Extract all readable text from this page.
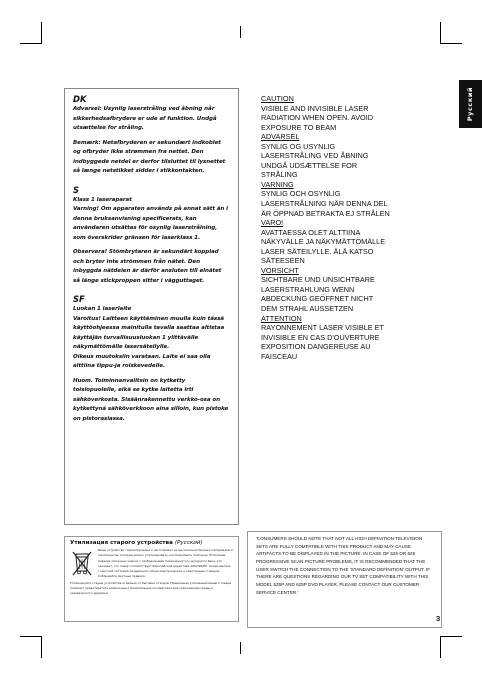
Русский
DK

Advarsel: Usynlig laserstråling ved åbning når sikkerhedsafbrydere er ude af funktion. Undgå utsættelse for stråling.

Bemærk: Netafbryderen er sekundært indkoblet og ofbryder ikke strømmen fra nettet. Den indbyggede netdel er derfor tilsluttet til lysnettet så længe netstikket sidder i stikkontakten.

S

Klass 1 laseraparat
Varning! Om apparaten används på annat sätt än i denna bruksanvisning specificerats, kan användaren utsättas för osynlig laserstrålning, som överskrider gränsen för laserklass 1.

Observera! Stömbrytaren är sekundärt kopplad och bryter inte strömmen från nätet. Den inbyggda nätdelen är därför ansluten till elnätet så länge stickproppen sitter i vägguttaget.

SF

Luokan 1 laserlaite
Varoitus! Laitteen käyttäminen muulla kuin tässä käyttöohjeessa mainitulla tavalla saattaa altistaa käyttäjän turvallisuusluokan 1 ylittävälle näkymättömälle lasersäteilylle.
Oikeus muutoksiin varataan. Laite ei saa olla alttiina tippu-ja roiskevedelle.

Huom. Toiminnanvalitsin on kytketty toisiopuolelle, eikä se kytke laitetta irti sähköverkosta. Sisäänrakennettu verkko-osa on kytkettynä sähköverkkoon aina silloin, kun pistoke on pistorasiassa.

CAUTION
VISIBLE AND INVISIBLE LASER
RADIATION WHEN OPEN. AVOID
EXPOSURE TO BEAM
ADVARSEL
SYNLIG OG USYNLIG
LASERSTRÅLING VED ÅBNING
UNDGÅ UDSÆTTELSE FOR
STRÅLING
VARNING
SYNLIG OCH OSYNLIG
LASERSTRÅLNING NÄR DENNA DEL
ÄR ÖPPNAD BETRAKTA EJ STRÅLEN
VARO!
AVATTAESSA OLET ALTTIINA
NÄKYVÄLLE JA NÄKYMÄTTÖMÄLLE
LASER SÄTEILYLLE. ÄLÄ KATSO
SÄTEESEEN
VORSICHT
SICHTBARE UND UNSICHTBARE
LASERSTRAHLUNG WENN
ABDECKUNG GEÖFFNET NICHT
DEM STRAHL AUSSETZEN
ATTENTION
RAYONNEMENT LASER VISIBLE ET
INVISIBLE EN CAS D'OUVERTURE
EXPOSITION DANGEREUSE AU
FAISCEAU
Утилизация старого устройства (Русский)

Ваше устройство спроектировано и изготовлено из высококачественных материалов и компонентов, которые можно утилизировать и использовать повторно. Если ваше изделие помечено знаком с изображением перечеркнутого мусорного бака, это означает, что товар соответствует Европейской директиве 2002/96/EC. Ознакомьтесь с местной системой раздельного сбора электрических и электронных товаров. Соблюдайте местные правила.

Утилизируйте старые устройства отдельно от бытовых отходов. Правильная утилизация вашего товара позволит предотвратить возможные отрицательные последствия для окружающей среды и человеческого здоровья.

'CONSUMERS SHOULD NOTE THAT NOT ALL HIGH DEFINITION TELEVISION SETS ARE FULLY COMPATIBLE WITH THIS PRODUCT AND MAY CAUSE ARTIFACTS TO BE DISPLAYED IN THE PICTURE. IN CASE OF 525 OR 625 PROGRESSIVE SCAN PICTURE PROBLEMS, IT IS RECOMMENDED THAT THE USER SWITCH THE CONNECTION TO THE 'STANDARD DEFINITION' OUTPUT. IF THERE ARE QUESTIONS REGARDING OUR TV SET COMPATIBILITY WITH THIS MODEL 525P AND 625P DVD PLAYER, PLEASE CONTACT OUR CUSTOMER SERVICE CENTER.'

3
